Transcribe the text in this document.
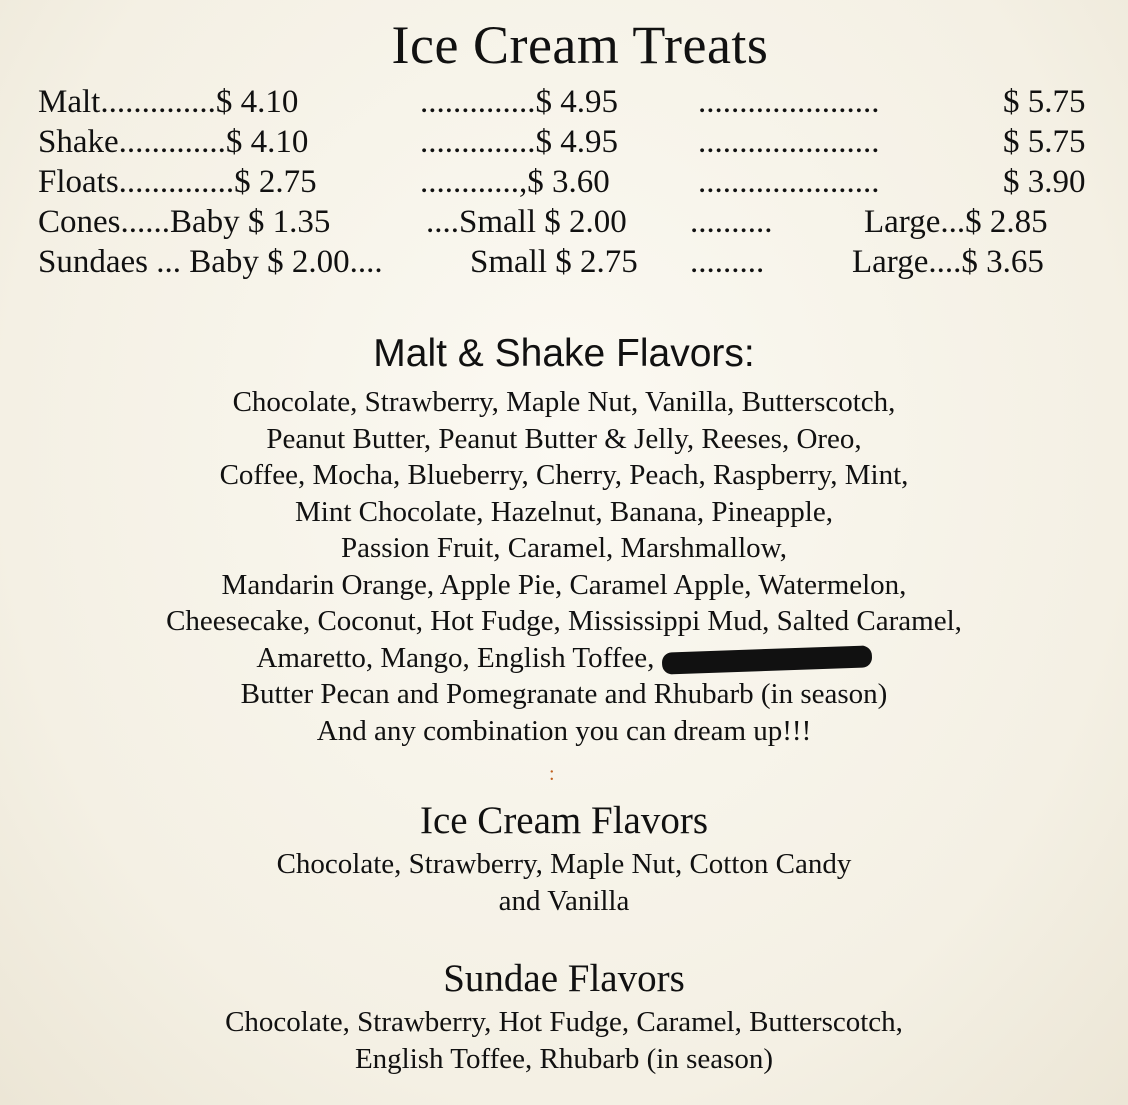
Ice Cream Treats
Malt..............$ 4.10	..............$ 4.95 ......................	$ 5.75
Shake.............$ 4.10	..............$ 4.95 ......................	$ 5.75
Floats..............$ 2.75	............,$ 3.60	......................	$ 3.90
Cones......Baby $ 1.35	....Small $ 2.00 ..........	Large...$ 2.85
Sundaes ... Baby $ 2.00....	Small $ 2.75 .........	Large....$ 3.65
Malt & Shake Flavors:
Chocolate, Strawberry, Maple Nut, Vanilla, Butterscotch,
Peanut Butter, Peanut Butter & Jelly, Reeses, Oreo,
Coffee, Mocha, Blueberry, Cherry, Peach, Raspberry, Mint,
Mint Chocolate, Hazelnut, Banana, Pineapple,
Passion Fruit, Caramel, Marshmallow,
Mandarin Orange, Apple Pie, Caramel Apple, Watermelon,
Cheesecake, Coconut, Hot Fudge, Mississippi Mud, Salted Caramel,
Amaretto, Mango, English Toffee,
Butter Pecan and Pomegranate and Rhubarb (in season)
And any combination you can dream up!!!
:
Ice Cream Flavors
Chocolate, Strawberry, Maple Nut, Cotton Candy
and Vanilla
Sundae Flavors
Chocolate, Strawberry, Hot Fudge, Caramel, Butterscotch,
English Toffee, Rhubarb (in season)
